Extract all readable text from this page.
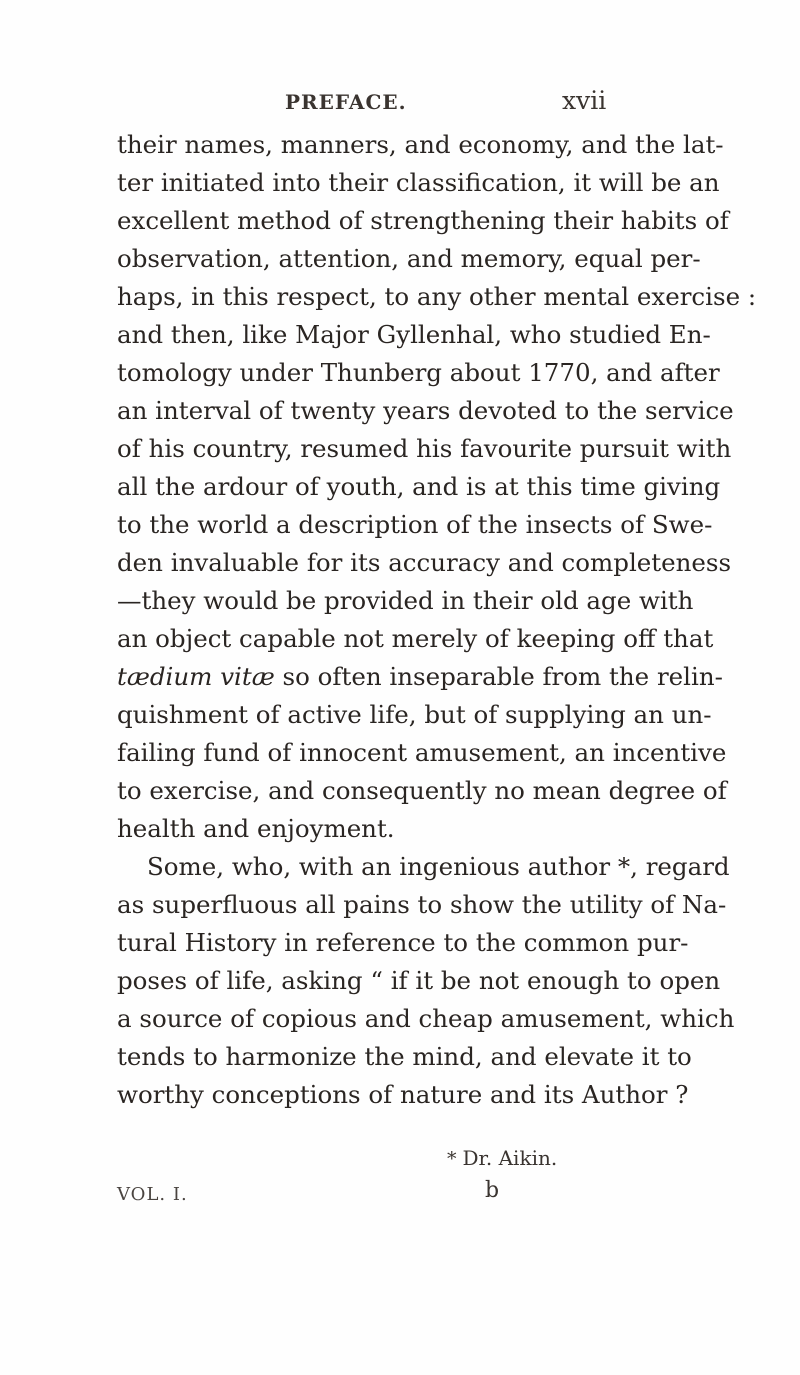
PREFACE.	xvii
their names, manners, and economy, and the lat-
ter initiated into their classification, it will be an
excellent method of strengthening their habits of
observation, attention, and memory, equal per-
haps, in this respect, to any other mental exercise :
and then, like Major Gyllenhal, who studied En-
tomology under Thunberg about 1770, and after
an interval of twenty years devoted to the service
of his country, resumed his favourite pursuit with
all the ardour of youth, and is at this time giving
to the world a description of the insects of Swe-
den invaluable for its accuracy and completeness
—they would be provided in their old age with
an object capable not merely of keeping off that
tædium vitæ so often inseparable from the relin-
quishment of active life, but of supplying an un-
failing fund of innocent amusement, an incentive
to exercise, and consequently no mean degree of
health and enjoyment.
Some, who, with an ingenious author *, regard
as superfluous all pains to show the utility of Na-
tural History in reference to the common pur-
poses of life, asking “ if it be not enough to open
a source of copious and cheap amusement, which
tends to harmonize the mind, and elevate it to
worthy conceptions of nature and its Author ?
* Dr. Aikin.
VOL. I.	b
